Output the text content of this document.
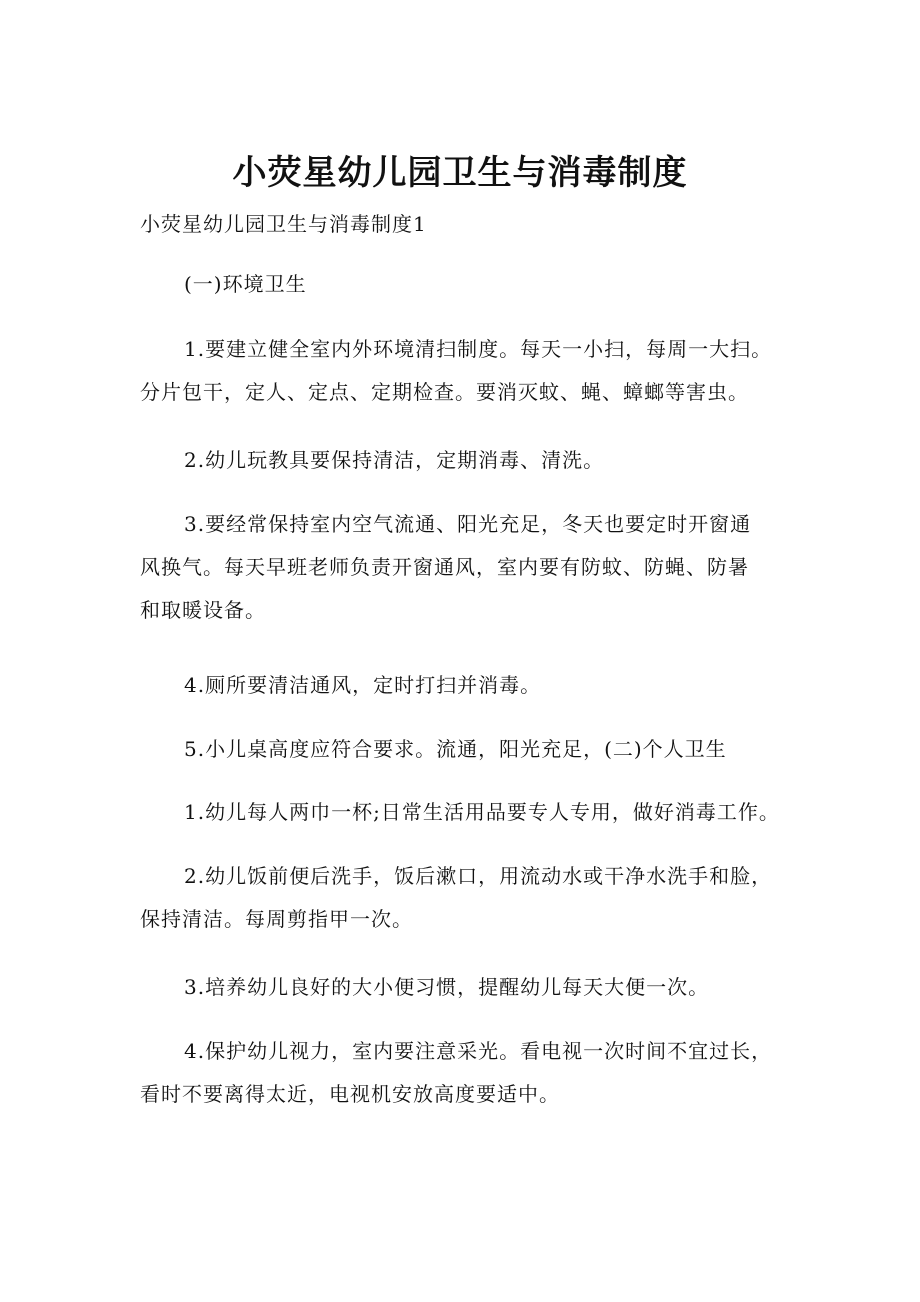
小荧星幼儿园卫生与消毒制度
小荧星幼儿园卫生与消毒制度1
(一)环境卫生
1.要建立健全室内外环境清扫制度。每天一小扫，每周一大扫。
分片包干，定人、定点、定期检查。要消灭蚊、蝇、蟑螂等害虫。
2.幼儿玩教具要保持清洁，定期消毒、清洗。
3.要经常保持室内空气流通、阳光充足，冬天也要定时开窗通
风换气。每天早班老师负责开窗通风，室内要有防蚊、防蝇、防暑
和取暖设备。
4.厕所要清洁通风，定时打扫并消毒。
5.小儿桌高度应符合要求。流通，阳光充足，(二)个人卫生
1.幼儿每人两巾一杯;日常生活用品要专人专用，做好消毒工作。
2.幼儿饭前便后洗手，饭后漱口，用流动水或干净水洗手和脸，
保持清洁。每周剪指甲一次。
3.培养幼儿良好的大小便习惯，提醒幼儿每天大便一次。
4.保护幼儿视力，室内要注意采光。看电视一次时间不宜过长，
看时不要离得太近，电视机安放高度要适中。
